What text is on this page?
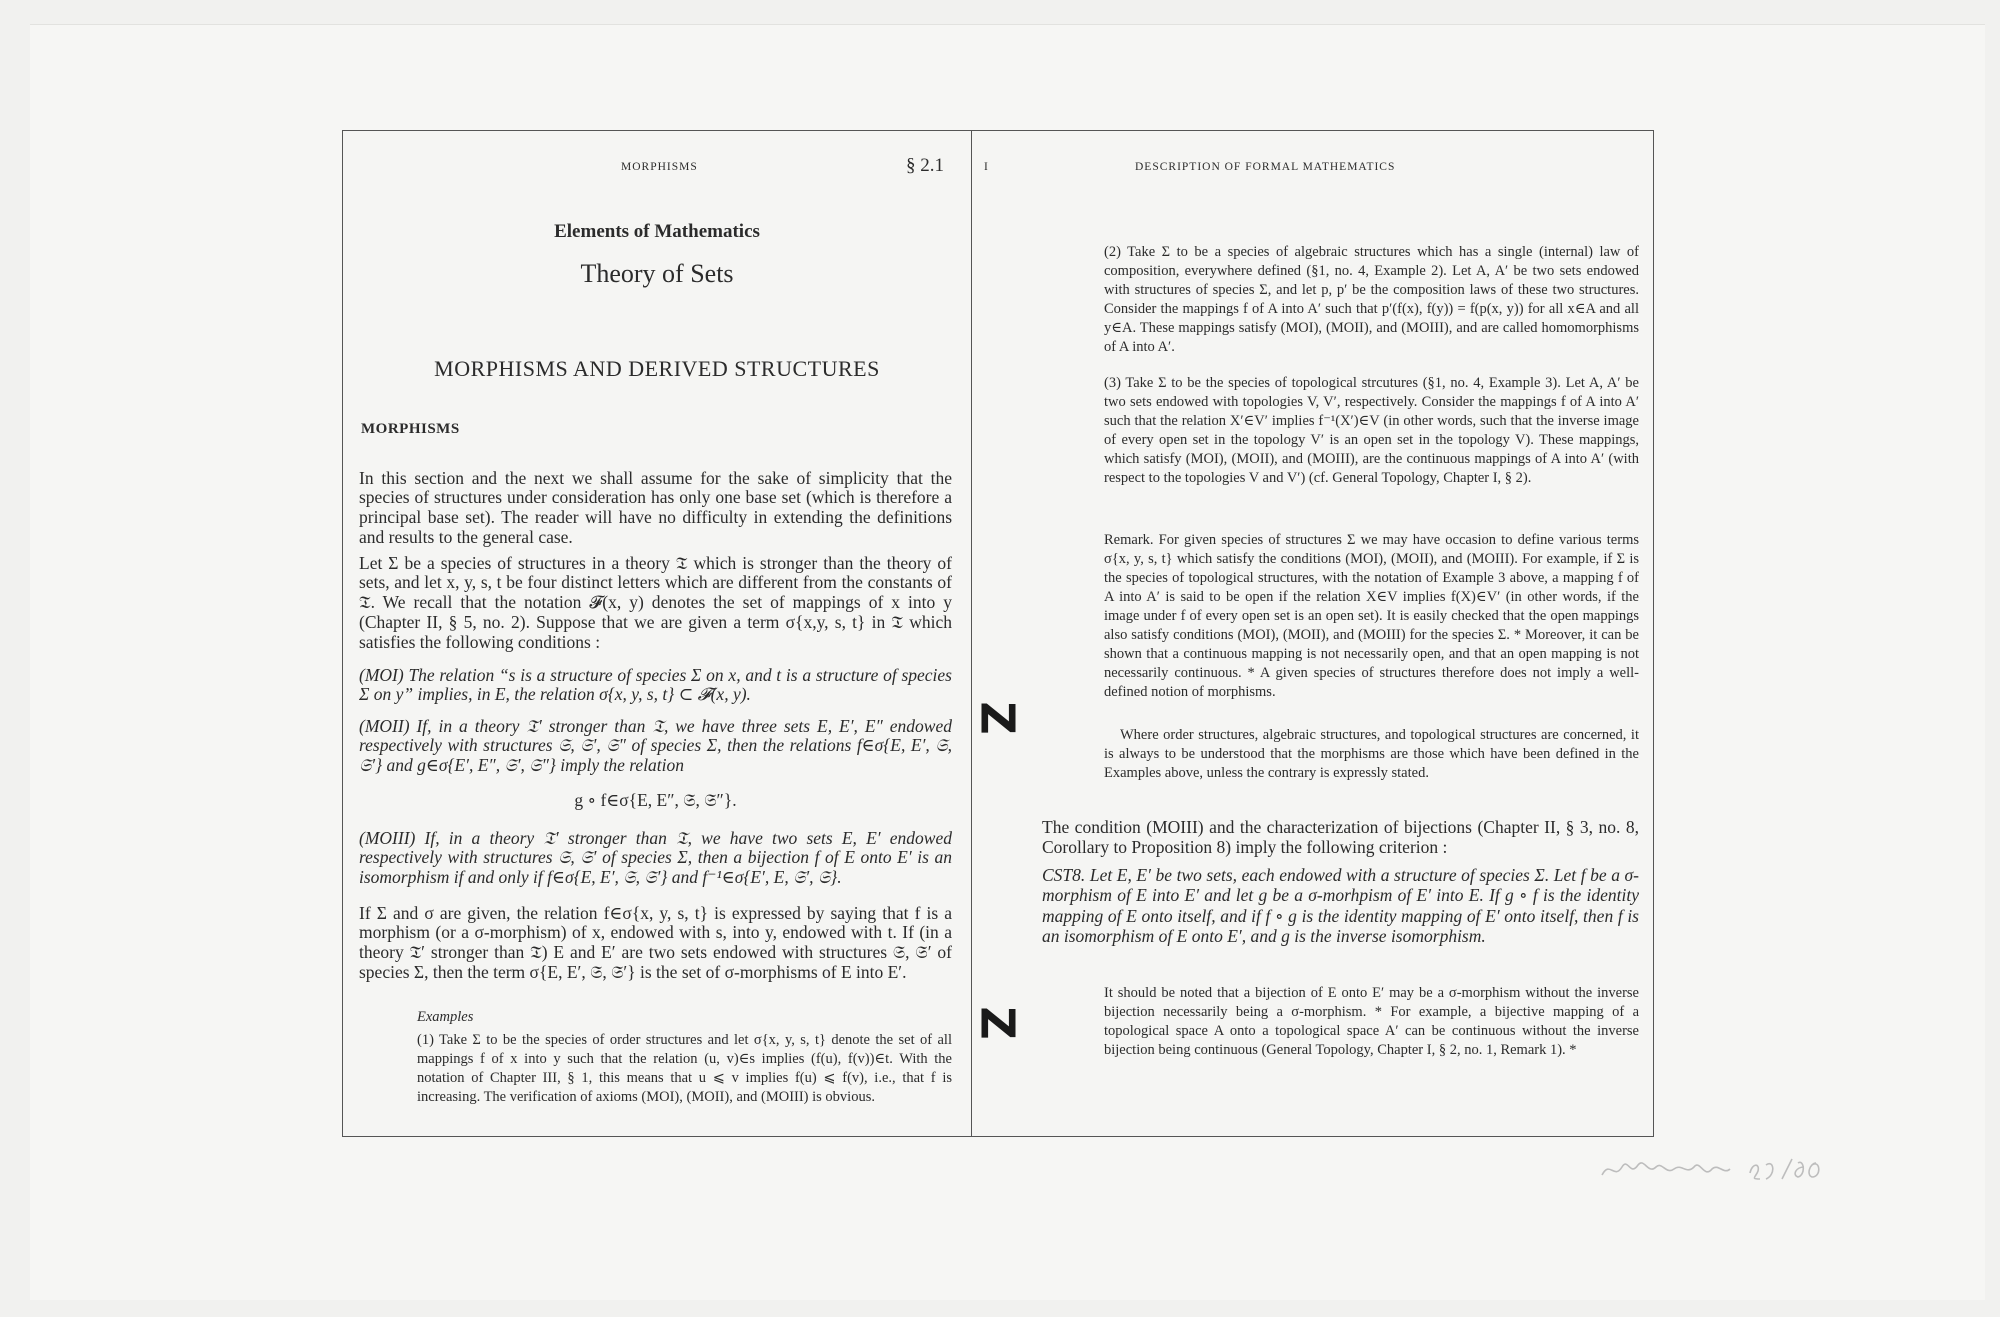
MORPHISMS	§ 2.1
Elements of Mathematics
Theory of Sets
MORPHISMS AND DERIVED STRUCTURES
MORPHISMS

In this section and the next we shall assume for the sake of simplicity that the species of structures under consideration has only one base set (which is therefore a principal base set). The reader will have no difficulty in extending the definitions and results to the general case.

Let Σ be a species of structures in a theory 𝔗 which is stronger than the theory of sets, and let x, y, s, t be four distinct letters which are different from the constants of 𝔗. We recall that the notation 𝓕(x, y) denotes the set of mappings of x into y (Chapter II, § 5, no. 2). Suppose that we are given a term σ{x,y, s, t} in 𝔗 which satisfies the following conditions :

(MOI) The relation “s is a structure of species Σ on x, and t is a structure of species Σ on y” implies, in E, the relation σ{x, y, s, t} ⊂ 𝓕(x, y).

(MOII) If, in a theory 𝔗′ stronger than 𝔗, we have three sets E, E′, E″ endowed respectively with structures 𝔖, 𝔖′, 𝔖″ of species Σ, then the relations f∈σ{E, E′, 𝔖, 𝔖′} and g∈σ{E′, E″, 𝔖′, 𝔖″} imply the relation

g ∘ f∈σ{E, E″, 𝔖, 𝔖″}.

(MOIII) If, in a theory 𝔗′ stronger than 𝔗, we have two sets E, E′ endowed respectively with structures 𝔖, 𝔖′ of species Σ, then a bijection f of E onto E′ is an isomorphism if and only if f∈σ{E, E′, 𝔖, 𝔖′} and f⁻¹∈σ{E′, E, 𝔖′, 𝔖}.

If Σ and σ are given, the relation f∈σ{x, y, s, t} is expressed by saying that f is a morphism (or a σ-morphism) of x, endowed with s, into y, endowed with t. If (in a theory 𝔗′ stronger than 𝔗) E and E′ are two sets endowed with structures 𝔖, 𝔖′ of species Σ, then the term σ{E, E′, 𝔖, 𝔖′} is the set of σ-morphisms of E into E′.

Examples

(1) Take Σ to be the species of order structures and let σ{x, y, s, t} denote the set of all mappings f of x into y such that the relation (u, v)∈s implies (f(u), f(v))∈t. With the notation of Chapter III, § 1, this means that u ⩽ v implies f(u) ⩽ f(v), i.e., that f is increasing. The verification of axioms (MOI), (MOII), and (MOIII) is obvious.

I	DESCRIPTION OF FORMAL MATHEMATICS

(2) Take Σ to be a species of algebraic structures which has a single (internal) law of composition, everywhere defined (§1, no. 4, Example 2). Let A, A′ be two sets endowed with structures of species Σ, and let p, p′ be the composition laws of these two structures. Consider the mappings f of A into A′ such that p′(f(x), f(y)) = f(p(x, y)) for all x∈A and all y∈A. These mappings satisfy (MOI), (MOII), and (MOIII), and are called homomorphisms of A into A′.

(3) Take Σ to be the species of topological strcutures (§1, no. 4, Example 3). Let A, A′ be two sets endowed with topologies V, V′, respectively. Consider the mappings f of A into A′ such that the relation X′∈V′ implies f⁻¹(X′)∈V (in other words, such that the inverse image of every open set in the topology V′ is an open set in the topology V). These mappings, which satisfy (MOI), (MOII), and (MOIII), are the continuous mappings of A into A′ (with respect to the topologies V and V′) (cf. General Topology, Chapter I, § 2).

Remark. For given species of structures Σ we may have occasion to define various terms σ{x, y, s, t} which satisfy the conditions (MOI), (MOII), and (MOIII). For example, if Σ is the species of topological structures, with the notation of Example 3 above, a mapping f of A into A′ is said to be open if the relation X∈V implies f(X)∈V′ (in other words, if the image under f of every open set is an open set). It is easily checked that the open mappings also satisfy conditions (MOI), (MOII), and (MOIII) for the species Σ. * Moreover, it can be shown that a continuous mapping is not necessarily open, and that an open mapping is not necessarily continuous. * A given species of structures therefore does not imply a well-defined notion of morphisms.

Where order structures, algebraic structures, and topological structures are concerned, it is always to be understood that the morphisms are those which have been defined in the Examples above, unless the contrary is expressly stated.

The condition (MOIII) and the characterization of bijections (Chapter II, § 3, no. 8, Corollary to Proposition 8) imply the following criterion :

CST8. Let E, E′ be two sets, each endowed with a structure of species Σ. Let f be a σ-morphism of E into E′ and let g be a σ-morhpism of E′ into E. If g ∘ f is the identity mapping of E onto itself, and if f ∘ g is the identity mapping of E′ onto itself, then f is an isomorphism of E onto E′, and g is the inverse isomorphism.

It should be noted that a bijection of E onto E′ may be a σ-morphism without the inverse bijection necessarily being a σ-morphism. * For example, a bijective mapping of a topological space A onto a topological space A′ can be continuous without the inverse bijection being continuous (General Topology, Chapter I, § 2, no. 1, Remark 1). *

Z
Z
